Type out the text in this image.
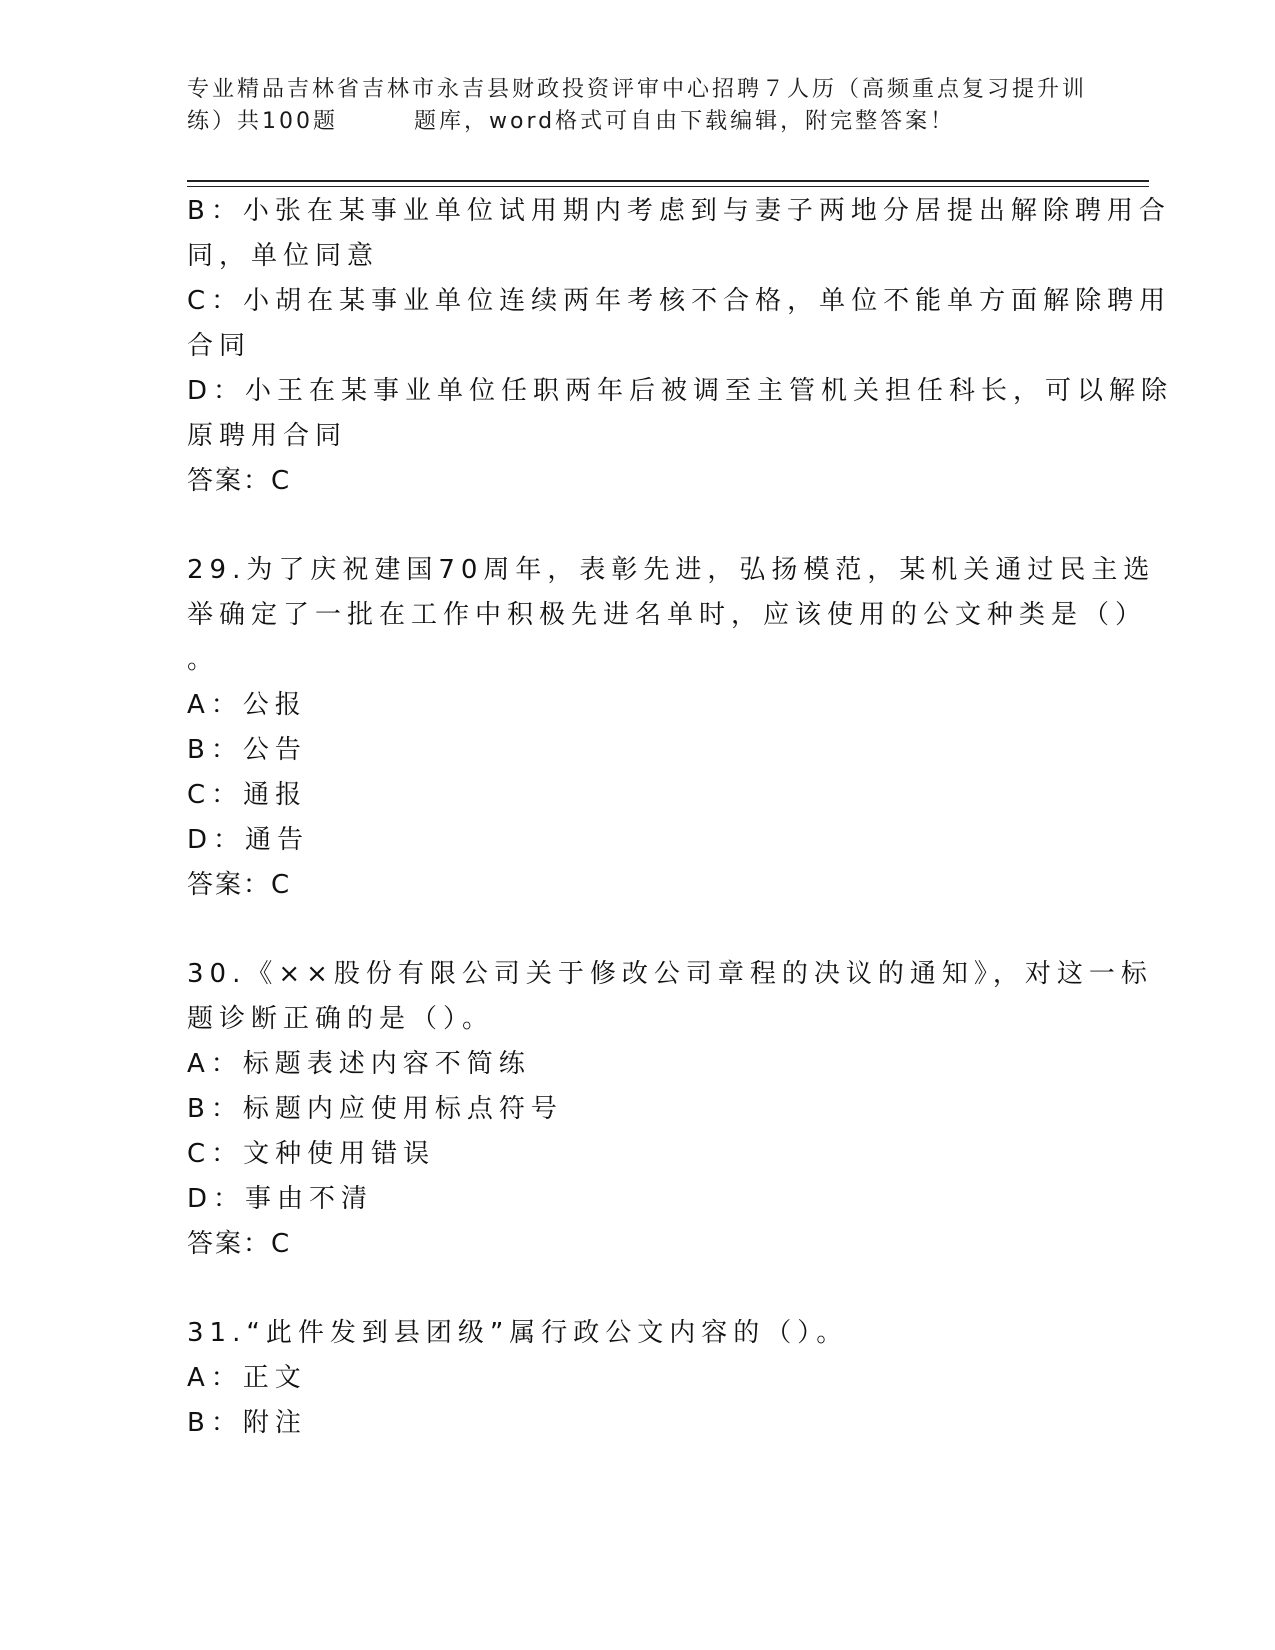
专业精品吉林省吉林市永吉县财政投资评审中心招聘７人历（高频重点复习提升训
练）共100题	题库，word格式可自由下载编辑，附完整答案！
B：小张在某事业单位试用期内考虑到与妻子两地分居提出解除聘用合
同，单位同意
C：小胡在某事业单位连续两年考核不合格，单位不能单方面解除聘用
合同
D：小王在某事业单位任职两年后被调至主管机关担任科长，可以解除
原聘用合同
答案：C
29.为了庆祝建国70周年，表彰先进，弘扬模范，某机关通过民主选
举确定了一批在工作中积极先进名单时，应该使用的公文种类是（）
。
A：公报
B：公告
C：通报
D：通告
答案：C
30.《××股份有限公司关于修改公司章程的决议的通知》，对这一标
题诊断正确的是（）。
A：标题表述内容不简练
B：标题内应使用标点符号
C：文种使用错误
D：事由不清
答案：C
31.“此件发到县团级”属行政公文内容的（）。
A：正文
B：附注
